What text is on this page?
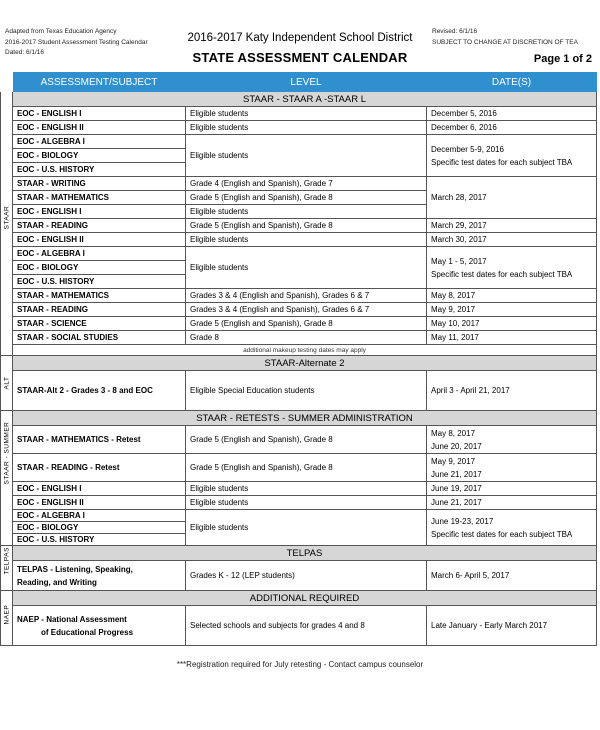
Adapted from Texas Education Agency
2016-2017 Student Assessment Testing Calendar
Dated: 6/1/16
2016-2017 Katy Independent School District
STATE ASSESSMENT CALENDAR
Revised: 6/1/16
SUBJECT TO CHANGE AT DISCRETION OF TEA
Page 1 of 2
	ASSESSMENT/SUBJECT	LEVEL	DATE(S)

STAAR	STAAR - STAAR A -STAAR L		
	EOC - ENGLISH I	Eligible students	December 5, 2016
	EOC - ENGLISH II	Eligible students	December 6, 2016
	EOC - ALGEBRA I	Eligible students	December 5-9, 2016
Specific test dates for each subject TBA

	EOC - BIOLOGY		
	EOC - U.S. HISTORY		
	STAAR - WRITING	Grade 4 (English and Spanish), Grade 7	March 28, 2017
	STAAR - MATHEMATICS	Grade 5 (English and Spanish), Grade 8	
	EOC - ENGLISH I	Eligible students	
	STAAR - READING	Grade 5 (English and Spanish), Grade 8	March 29, 2017
	EOC - ENGLISH II	Eligible students	March 30, 2017
	EOC - ALGEBRA I	Eligible students	May 1 - 5, 2017
Specific test dates for each subject TBA

	EOC - BIOLOGY		
	EOC - U.S. HISTORY		
	STAAR - MATHEMATICS	Grades 3 & 4 (English and Spanish), Grades 6 & 7	May 8, 2017
	STAAR - READING	Grades 3 & 4 (English and Spanish), Grades 6 & 7	May 9, 2017
	STAAR - SCIENCE	Grade 5 (English and Spanish), Grade 8	May 10, 2017
	STAAR - SOCIAL STUDIES	Grade 8	May 11, 2017
	additional makeup testing dates may apply		

ALT	STAAR-Alternate 2		
	STAAR-Alt 2 - Grades 3 - 8 and EOC	Eligible Special Education students	April 3 - April 21, 2017

STAAR - SUMMER	STAAR - RETESTS - SUMMER ADMINISTRATION		
	STAAR - MATHEMATICS - Retest	Grade 5 (English and Spanish), Grade 8	May 8, 2017
June 20, 2017

	STAAR - READING - Retest	Grade 5 (English and Spanish), Grade 8	May 9, 2017
June 21, 2017

	EOC - ENGLISH I	Eligible students	June 19, 2017
	EOC - ENGLISH II	Eligible students	June 21, 2017
	EOC - ALGEBRA I	Eligible students	June 19-23, 2017
Specific test dates for each subject TBA

	EOC - BIOLOGY		
	EOC - U.S. HISTORY		

TELPAS	TELPAS		

	TELPAS - Listening, Speaking,
Reading, and Writing	Grades K - 12 (LEP students)	March 6- April 5, 2017

NAEP	ADDITIONAL REQUIRED		

	NAEP - National Assessment
of Educational Progress	Selected schools and subjects for grades 4 and 8	Late January - Early March 2017
***Registration required for July retesting - Contact campus counselor
